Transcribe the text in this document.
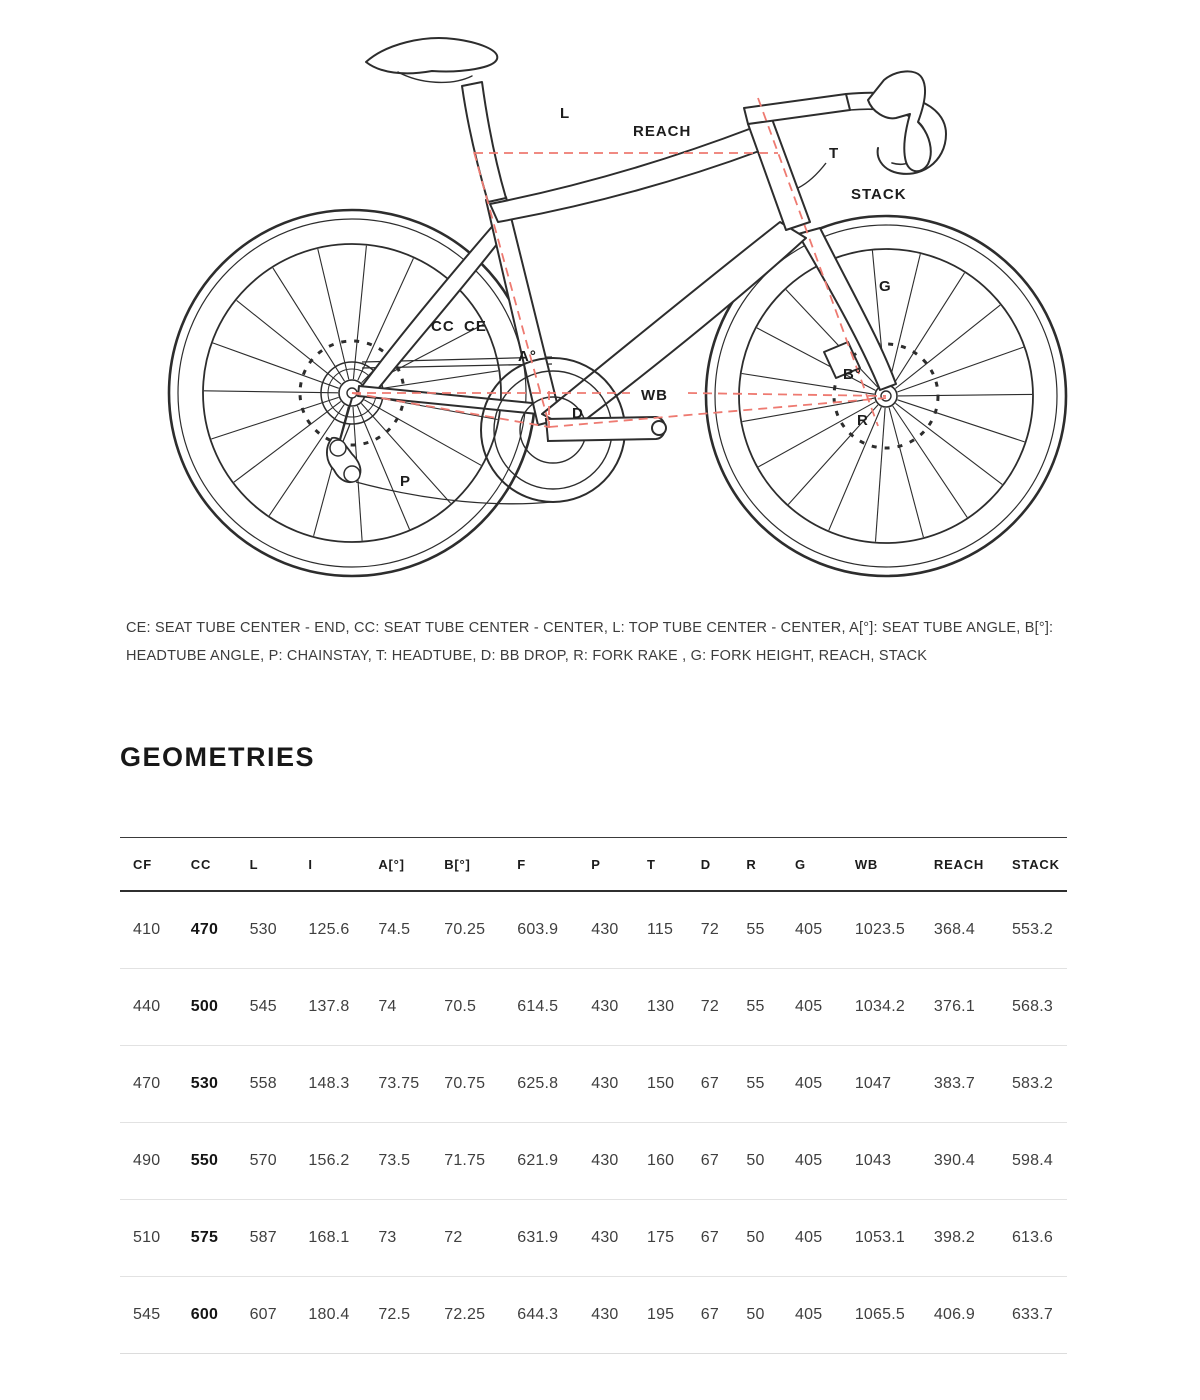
L
REACH
T
STACK
G
CC CE
A°
B°
WB
D	R
P

CE: SEAT TUBE CENTER - END, CC: SEAT TUBE CENTER - CENTER, L: TOP TUBE CENTER - CENTER, A[°]: SEAT TUBE ANGLE, B[°]: HEADTUBE ANGLE, P: CHAINSTAY, T: HEADTUBE, D: BB DROP, R: FORK RAKE , G: FORK HEIGHT, REACH, STACK

GEOMETRIES
CF	CC	L	I	A[°]	B[°]	F	P	T	D	R	G	WB	REACH	STACK
410	470	530	125.6	74.5	70.25	603.9	430	115	72	55	405	1023.5	368.4	553.2
440	500	545	137.8	74	70.5	614.5	430	130	72	55	405	1034.2	376.1	568.3
470	530	558	148.3	73.75	70.75	625.8	430	150	67	55	405	1047	383.7	583.2
490	550	570	156.2	73.5	71.75	621.9	430	160	67	50	405	1043	390.4	598.4
510	575	587	168.1	73	72	631.9	430	175	67	50	405	1053.1	398.2	613.6
545	600	607	180.4	72.5	72.25	644.3	430	195	67	50	405	1065.5	406.9	633.7
